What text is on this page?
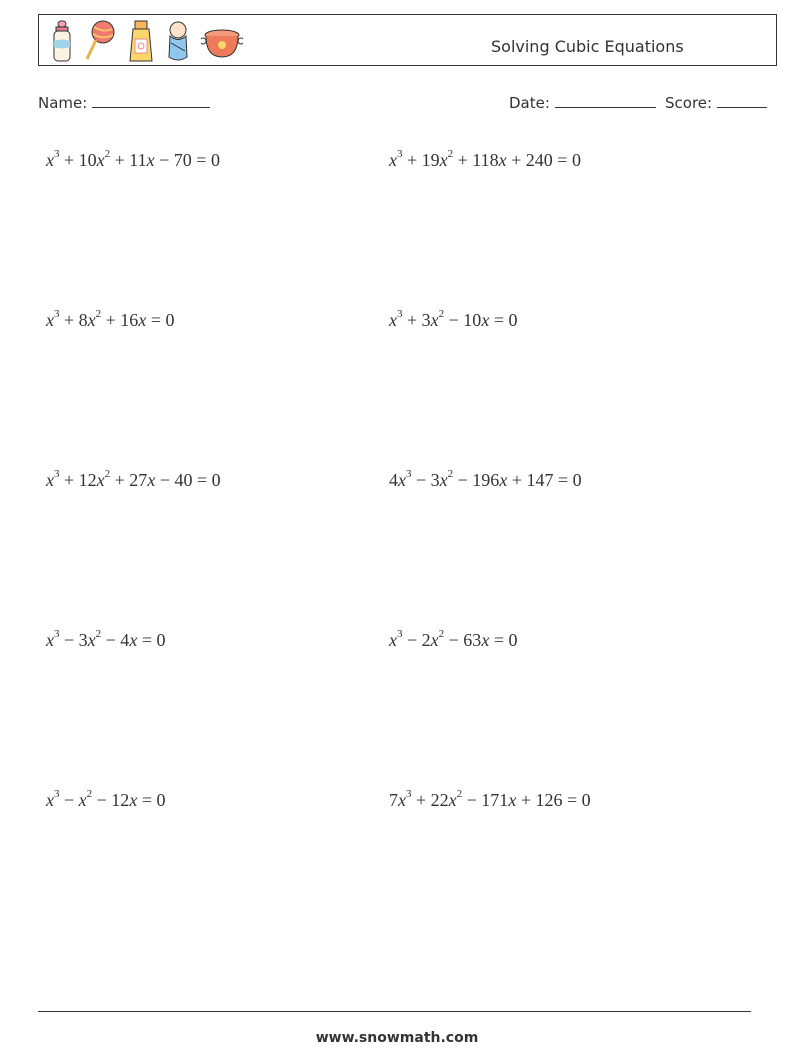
Solving Cubic Equations
Name:	Date:	Score:
$x^3 + 10x^2 + 11x - 70 = 0$	$x^3 + 19x^2 + 118x + 240 = 0$
$x^3 + 8x^2 + 16x = 0$	$x^3 + 3x^2 - 10x = 0$
$x^3 + 12x^2 + 27x - 40 = 0$	$4x^3 - 3x^2 - 196x + 147 = 0$
$x^3 - 3x^2 - 4x = 0$	$x^3 - 2x^2 - 63x = 0$
$x^3 - x^2 - 12x = 0$	$7x^3 + 22x^2 - 171x + 126 = 0$
www.snowmath.com
